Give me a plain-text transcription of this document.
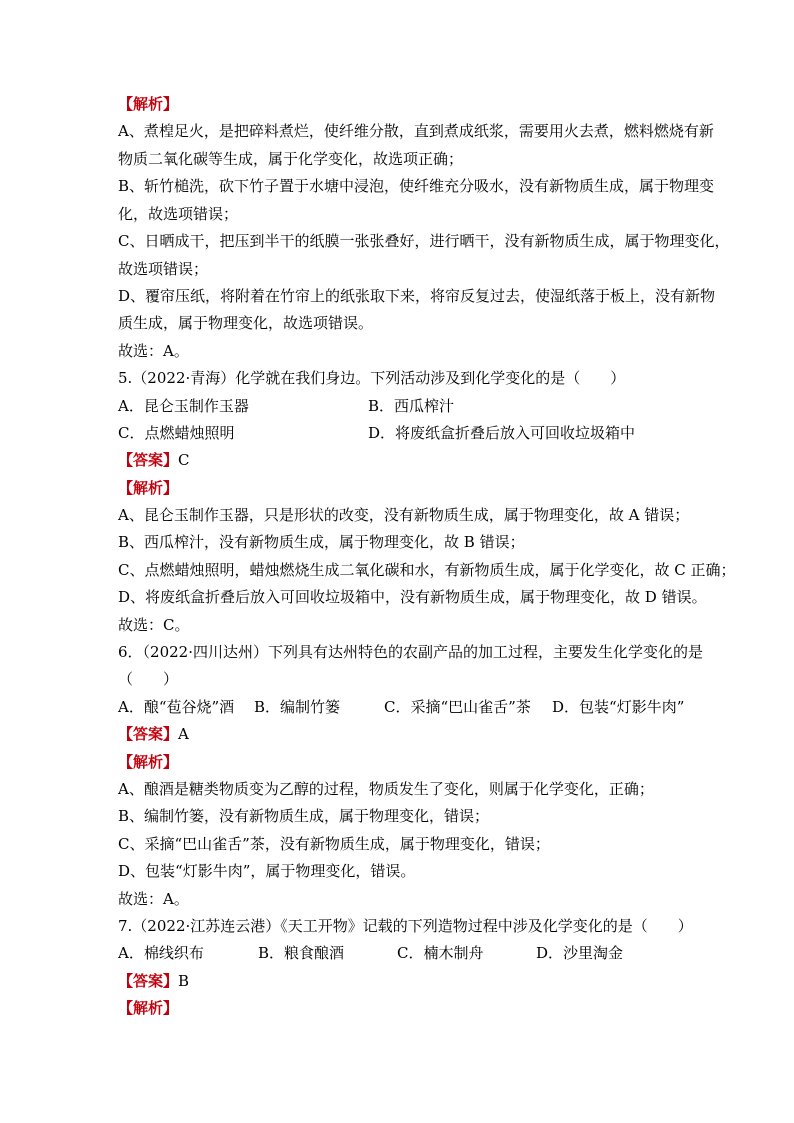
【解析】
A、煮楻足火，是把碎料煮烂，使纤维分散，直到煮成纸浆，需要用火去煮，燃料燃烧有新
物质二氧化碳等生成，属于化学变化，故选项正确；
B、斩竹槌洗，砍下竹子置于水塘中浸泡，使纤维充分吸水，没有新物质生成，属于物理变
化，故选项错误；
C、日晒成干，把压到半干的纸膜一张张叠好，进行晒干，没有新物质生成，属于物理变化，
故选项错误；
D、覆帘压纸，将附着在竹帘上的纸张取下来，将帘反复过去，使湿纸落于板上，没有新物
质生成，属于物理变化，故选项错误。
故选：A。
5.（2022·青海）化学就在我们身边。下列活动涉及到化学变化的是（　　）
A．昆仑玉制作玉器	B．西瓜榨汁
C．点燃蜡烛照明	D．将废纸盒折叠后放入可回收垃圾箱中
【答案】C
【解析】
A、昆仑玉制作玉器，只是形状的改变，没有新物质生成，属于物理变化，故 A 错误；
B、西瓜榨汁，没有新物质生成，属于物理变化，故 B 错误；
C、点燃蜡烛照明，蜡烛燃烧生成二氧化碳和水，有新物质生成，属于化学变化，故 C 正确；
D、将废纸盒折叠后放入可回收垃圾箱中，没有新物质生成，属于物理变化，故 D 错误。
故选：C。
6．（2022·四川达州）下列具有达州特色的农副产品的加工过程，主要发生化学变化的是
（　　）
A．酿“苞谷烧”酒 B．编制竹篓	C．采摘“巴山雀舌”茶 D．包装“灯影牛肉”
【答案】A
【解析】
A、酿酒是糖类物质变为乙醇的过程，物质发生了变化，则属于化学变化，正确；
B、编制竹篓，没有新物质生成，属于物理变化，错误；
C、采摘“巴山雀舌”茶，没有新物质生成，属于物理变化，错误；
D、包装“灯影牛肉”，属于物理变化，错误。
故选：A。
7.（2022·江苏连云港）《天工开物》记载的下列造物过程中涉及化学变化的是（　　）
A．棉线织布	B．粮食酿酒	C．楠木制舟	D．沙里淘金
【答案】B
【解析】
